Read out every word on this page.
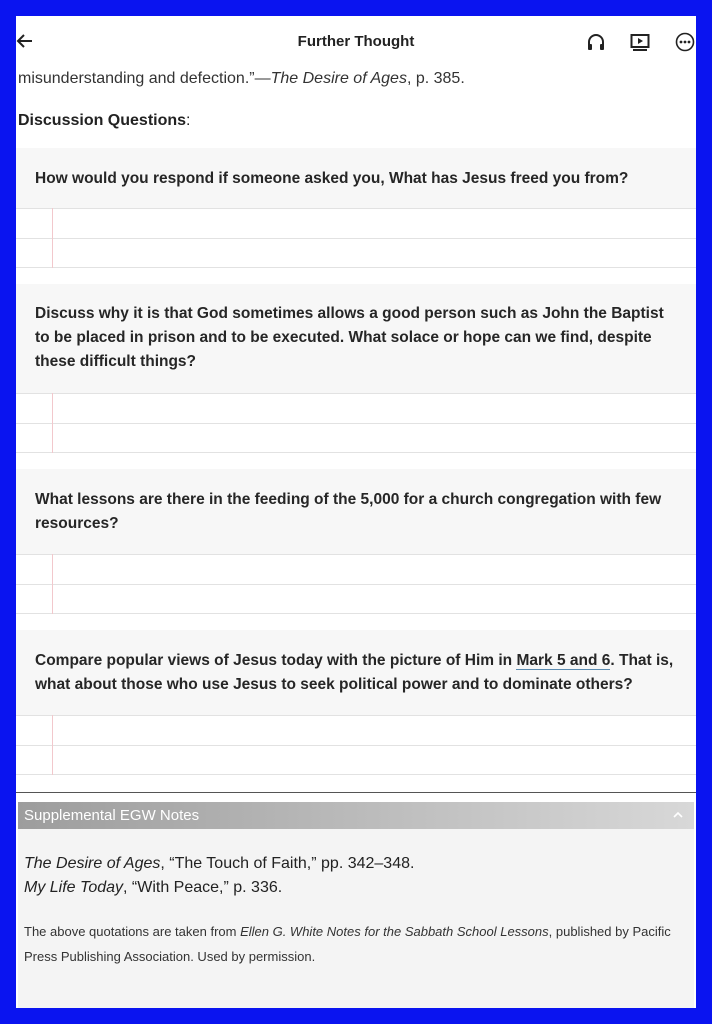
Further Thought
misunderstanding and defection.”—The Desire of Ages, p. 385.
Discussion Questions:
How would you respond if someone asked you, What has Jesus freed you from?
Discuss why it is that God sometimes allows a good person such as John the Baptist to be placed in prison and to be executed. What solace or hope can we find, despite these difficult things?
What lessons are there in the feeding of the 5,000 for a church congregation with few resources?
Compare popular views of Jesus today with the picture of Him in Mark 5 and 6. That is, what about those who use Jesus to seek political power and to dominate others?
Supplemental EGW Notes
The Desire of Ages, “The Touch of Faith,” pp. 342–348.
My Life Today, “With Peace,” p. 336.
The above quotations are taken from Ellen G. White Notes for the Sabbath School Lessons, published by Pacific Press Publishing Association. Used by permission.
